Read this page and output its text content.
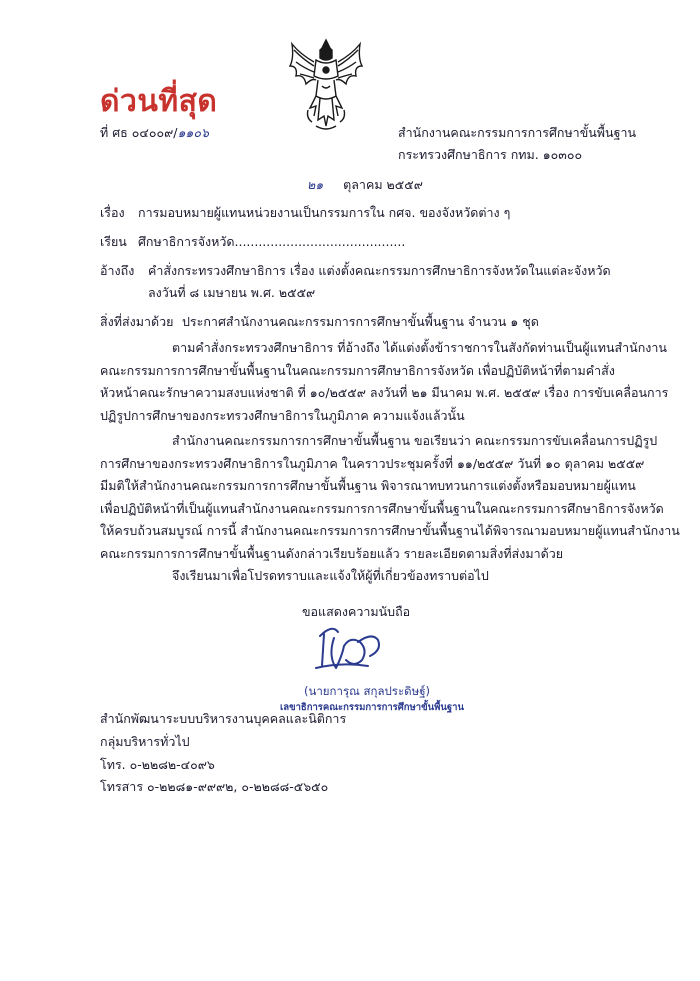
ด่วนที่สุด
ที่ ศธ ๐๔๐๐๙/๑๑๐๖	สำนักงานคณะกรรมการการศึกษาขั้นพื้นฐาน
กระทรวงศึกษาธิการ กทม. ๑๐๓๐๐
๒๑ ตุลาคม ๒๕๕๙
เรื่อง การมอบหมายผู้แทนหน่วยงานเป็นกรรมการใน กศจ. ของจังหวัดต่าง ๆ
เรียน ศึกษาธิการจังหวัด...........................................
อ้างถึง คำสั่งกระทรวงศึกษาธิการ เรื่อง แต่งตั้งคณะกรรมการศึกษาธิการจังหวัดในแต่ละจังหวัด
ลงวันที่ ๘ เมษายน พ.ศ. ๒๕๕๙
สิ่งที่ส่งมาด้วย ประกาศสำนักงานคณะกรรมการการศึกษาขั้นพื้นฐาน จำนวน ๑ ชุด
ตามคำสั่งกระทรวงศึกษาธิการ ที่อ้างถึง ได้แต่งตั้งข้าราชการในสังกัดท่านเป็นผู้แทนสำนักงาน
คณะกรรมการการศึกษาขั้นพื้นฐานในคณะกรรมการศึกษาธิการจังหวัด เพื่อปฏิบัติหน้าที่ตามคำสั่ง
หัวหน้าคณะรักษาความสงบแห่งชาติ ที่ ๑๐/๒๕๕๙ ลงวันที่ ๒๑ มีนาคม พ.ศ. ๒๕๕๙ เรื่อง การขับเคลื่อนการ
ปฏิรูปการศึกษาของกระทรวงศึกษาธิการในภูมิภาค ความแจ้งแล้วนั้น
สำนักงานคณะกรรมการการศึกษาขั้นพื้นฐาน ขอเรียนว่า คณะกรรมการขับเคลื่อนการปฏิรูป
การศึกษาของกระทรวงศึกษาธิการในภูมิภาค ในคราวประชุมครั้งที่ ๑๑/๒๕๕๙ วันที่ ๑๐ ตุลาคม ๒๕๕๙
มีมติให้สำนักงานคณะกรรมการการศึกษาขั้นพื้นฐาน พิจารณาทบทวนการแต่งตั้งหรือมอบหมายผู้แทน
เพื่อปฏิบัติหน้าที่เป็นผู้แทนสำนักงานคณะกรรมการการศึกษาขั้นพื้นฐานในคณะกรรมการศึกษาธิการจังหวัด
ให้ครบถ้วนสมบูรณ์ การนี้ สำนักงานคณะกรรมการการศึกษาขั้นพื้นฐานได้พิจารณามอบหมายผู้แทนสำนักงาน
คณะกรรมการการศึกษาขั้นพื้นฐานดังกล่าวเรียบร้อยแล้ว รายละเอียดตามสิ่งที่ส่งมาด้วย
จึงเรียนมาเพื่อโปรดทราบและแจ้งให้ผู้ที่เกี่ยวข้องทราบต่อไป
ขอแสดงความนับถือ
(นายการุณ สกุลประดิษฐ์)
เลขาธิการคณะกรรมการการศึกษาขั้นพื้นฐาน
สำนักพัฒนาระบบบริหารงานบุคคลและนิติการ
กลุ่มบริหารทั่วไป
โทร. ๐-๒๒๘๒-๔๐๙๖
โทรสาร ๐-๒๒๘๑-๙๙๙๒, ๐-๒๒๘๘-๕๖๕๐
